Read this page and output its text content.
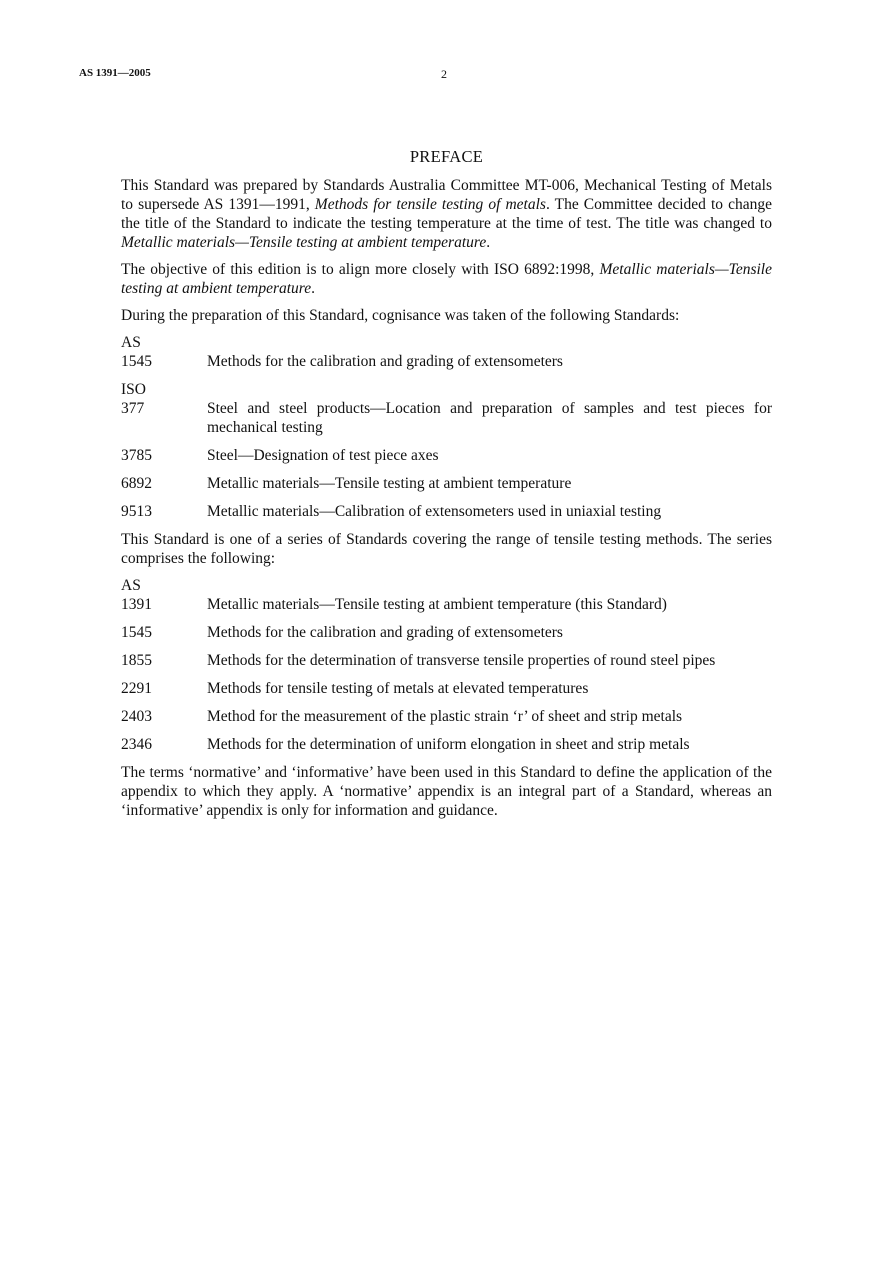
AS 1391—2005	2
PREFACE

This Standard was prepared by Standards Australia Committee MT-006, Mechanical Testing of Metals to supersede AS 1391—1991, Methods for tensile testing of metals. The Committee decided to change the title of the Standard to indicate the testing temperature at the time of test. The title was changed to Metallic materials—Tensile testing at ambient temperature.

The objective of this edition is to align more closely with ISO 6892:1998, Metallic materials—Tensile testing at ambient temperature.

During the preparation of this Standard, cognisance was taken of the following Standards:

AS
1545	Methods for the calibration and grading of extensometers
ISO
377	Steel and steel products—Location and preparation of samples and test pieces for mechanical testing
3785	Steel—Designation of test piece axes
6892	Metallic materials—Tensile testing at ambient temperature
9513	Metallic materials—Calibration of extensometers used in uniaxial testing

This Standard is one of a series of Standards covering the range of tensile testing methods. The series comprises the following:

AS
1391	Metallic materials—Tensile testing at ambient temperature (this Standard)
1545	Methods for the calibration and grading of extensometers
1855	Methods for the determination of transverse tensile properties of round steel pipes
2291	Methods for tensile testing of metals at elevated temperatures
2403	Method for the measurement of the plastic strain ‘r’ of sheet and strip metals
2346	Methods for the determination of uniform elongation in sheet and strip metals

The terms ‘normative’ and ‘informative’ have been used in this Standard to define the application of the appendix to which they apply. A ‘normative’ appendix is an integral part of a Standard, whereas an ‘informative’ appendix is only for information and guidance.
